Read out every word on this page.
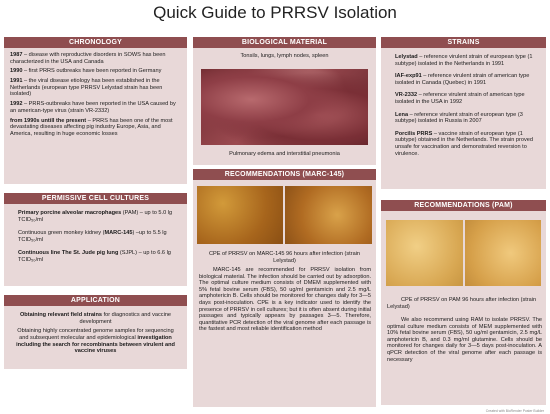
Quick Guide to PRRSV Isolation
CHRONOLOGY
1987 – disease with reproductive disorders in SOWS has been characterized in the USA and Canada
1990 – first PRRS outbreaks have been reported in Germany
1991 – the viral disease etiology has been established in the Netherlands (european type PRRSV Lelystad strain has been isolated)
1992 – PRRS-outbreaks have been reported in the USA caused by an american-type virus (strain VR-2332)
from 1990s untill the present – PRRS has been one of the most devastating diseases affecting pig industry Europe, Asia, and America, resulting in huge economic losses
PERMISSIVE CELL CULTURES
Primary porcine alveolar macrophages (PAM) – up to 5.0 lg TCID₅₀/ml
Continuous green monkey kidney (MARC-145) –up to 5.5 lg TCID₅₀/ml
Continuous line The St. Jude pig lung (SJPL) – up to 6.6 lg TCID₅₀/ml
APPLICATION
Obtaining relevant field strains for diagnostics and vaccine development
Obtaining highly concentrated genome samples for sequencing and subsequent molecular and epidemiological investigation including the search for recombinants between virulent and vaccine viruses
BIOLOGICAL MATERIAL
Tonsils, lungs, lymph nodes, spleen
Pulmonary edema and interstitial pneumonia
RECOMMENDATIONS (MARC-145)
CPE of PRRSV on MARC-145 96 hours after infection (strain Lelystad)
MARC-145 are recommended for PRRSV isolation from biological material. The infection should be carried out by adsorption. The optimal culture medium consists of DMEM supplemented with 5% fetal bovine serum (FBS), 50 ug/ml gentamicin and 2.5 mg/L amphotericin B. Cells should be monitored for changes daily for 3—5 days post-inoculation. CPE is a key indicator used to identify the presence of PRRSV in cell cultures; but it is often absent during initial passages and typically appears by passages 3—5. Therefore, quantitative PCR detection of the viral genome after each passage is the fastest and most reliable identification method
STRAINS
Lelystad – reference virulent strain of european type (1 subtype) isolated in the Netherlands in 1991
IAF-exp91 – reference virulent strain of american type isolated in Canada (Quebec) in 1991
VR-2332 – reference virulent strain of american type isolated in the USA in 1992
Lena – reference virulent strain of european type (3 subtype) isolated in Russia in 2007
Porcilis PRRS – vaccine strain of european type (1 subtype) obtained in the Netherlands. The strain proved unsafe for vaccination and demonstrated reversion to virulence.
RECOMMENDATIONS (PAM)
CPE of PRRSV on PAM 96 hours after infection (strain Lelystad)
We also recommend using RAM to isolate PRRSV. The optimal culture medium consists of MEM supplemented with 10% fetal bovine serum (FBS), 50 ug/ml gentamicin, 2.5 mg/L amphotericin B, and 0.3 mg/ml glutamine. Cells should be monitored for changes daily for 3—5 days post-inoculation. A qPCR detection of the viral genome after each passage is necessary
Created with BioRender Poster Builder
